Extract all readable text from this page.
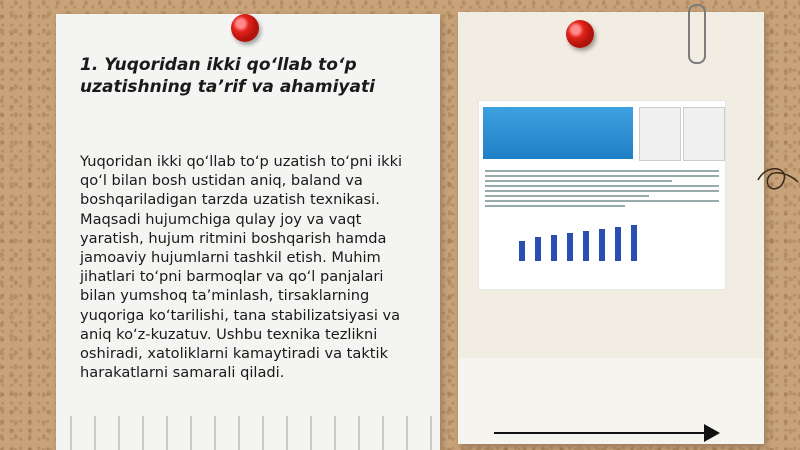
1. Yuqoridan ikki qo‘llab to‘p
uzatishning ta’rif va ahamiyati

Yuqoridan ikki qo‘llab to‘p uzatish to‘pni ikki qo‘l bilan bosh ustidan aniq, baland va boshqariladigan tarzda uzatish texnikasi. Maqsadi hujumchiga qulay joy va vaqt yaratish, hujum ritmini boshqarish hamda jamoaviy hujumlarni tashkil etish. Muhim jihatlari to‘pni barmoqlar va qo‘l panjalari bilan yumshoq ta’minlash, tirsaklarning yuqoriga ko‘tarilishi, tana stabilizatsiyasi va aniq ko‘z-kuzatuv. Ushbu texnika tezlikni oshiradi, xatoliklarni kamaytiradi va taktik harakatlarni samarali qiladi.
